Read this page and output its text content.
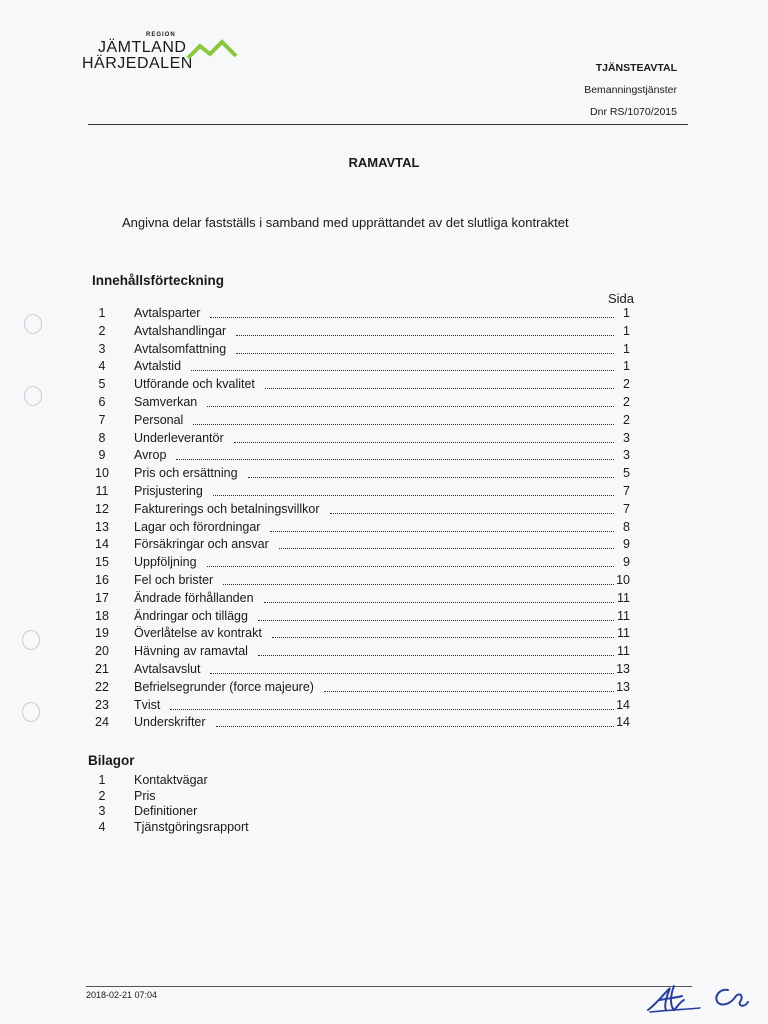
REGION
JÄMTLAND
HÄRJEDALEN	TJÄNSTEAVTAL
Bemanningstjänster
Dnr RS/1070/2015
RAMAVTAL
Angivna delar fastställs i samband med upprättandet av det slutliga kontraktet
Innehållsförteckning
Sida
1	Avtalsparter	1
2	Avtalshandlingar	1
3	Avtalsomfattning	1
4	Avtalstid	1
5	Utförande och kvalitet	2
6	Samverkan	2
7	Personal	2
8	Underleverantör	3
9	Avrop	3
10	Pris och ersättning	5
11	Prisjustering	7
12	Fakturerings och betalningsvillkor	7
13	Lagar och förordningar	8
14	Försäkringar och ansvar	9
15	Uppföljning	9
16	Fel och brister	10
17	Ändrade förhållanden	11
18	Ändringar och tillägg	11
19	Överlåtelse av kontrakt	11
20	Hävning av ramavtal	11
21	Avtalsavslut	13
22	Befrielsegrunder (force majeure)	13
23	Tvist	14
24	Underskrifter	14
Bilagor
1	Kontaktvägar
2	Pris
3	Definitioner
4	Tjänstgöringsrapport
2018-02-21 07:04
